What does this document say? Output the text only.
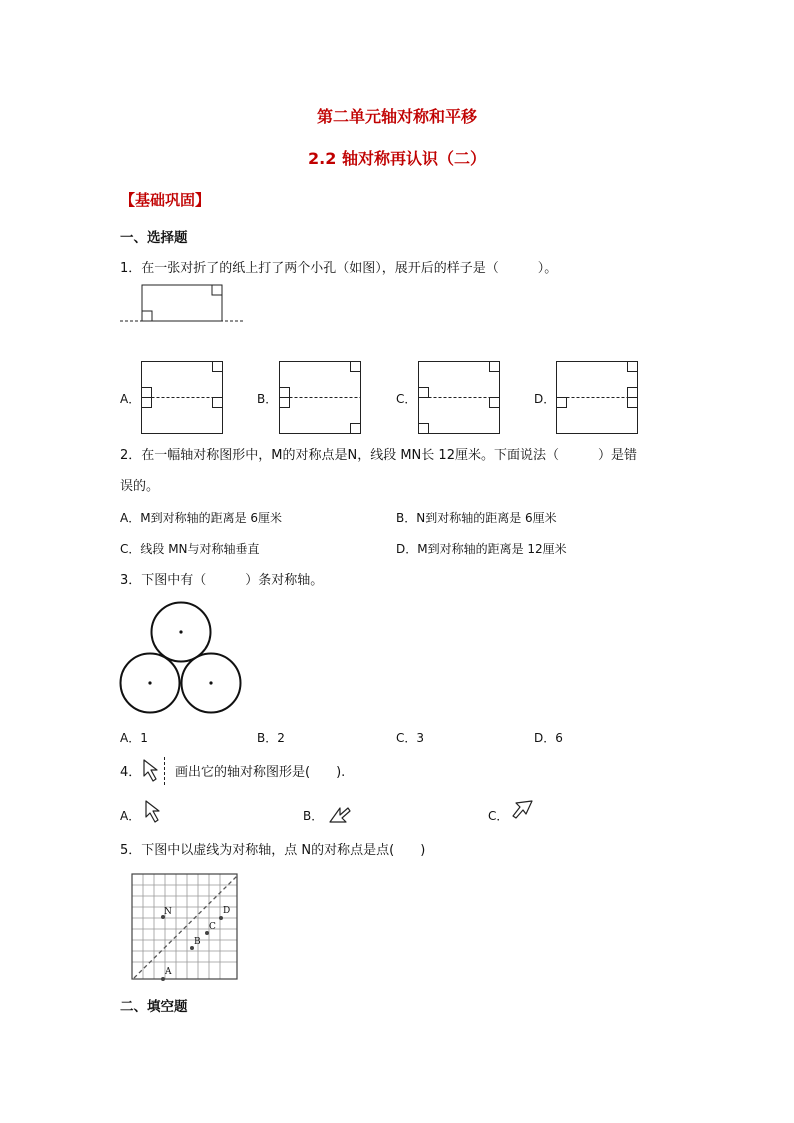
第二单元轴对称和平移
2.2 轴对称再认识（二）
【基础巩固】
一、选择题
1．在一张对折了的纸上打了两个小孔（如图），展开后的样子是（　　　）。
A．	B．	C．	D．
2．在一幅轴对称图形中，M的对称点是N，线段 MN长 12厘米。下面说法（　　　）是错
误的。
A．M到对称轴的距离是 6厘米	B．N到对称轴的距离是 6厘米
C．线段 MN与对称轴垂直	D．M到对称轴的距离是 12厘米
3．下图中有（　　　）条对称轴。
A．1	B．2	C．3	D．6
4．	画出它的轴对称图形是(　　).
A．	B．	C．
5．下图中以虚线为对称轴，点 N的对称点是点(　　)
N	D
C
B
A
二、填空题
